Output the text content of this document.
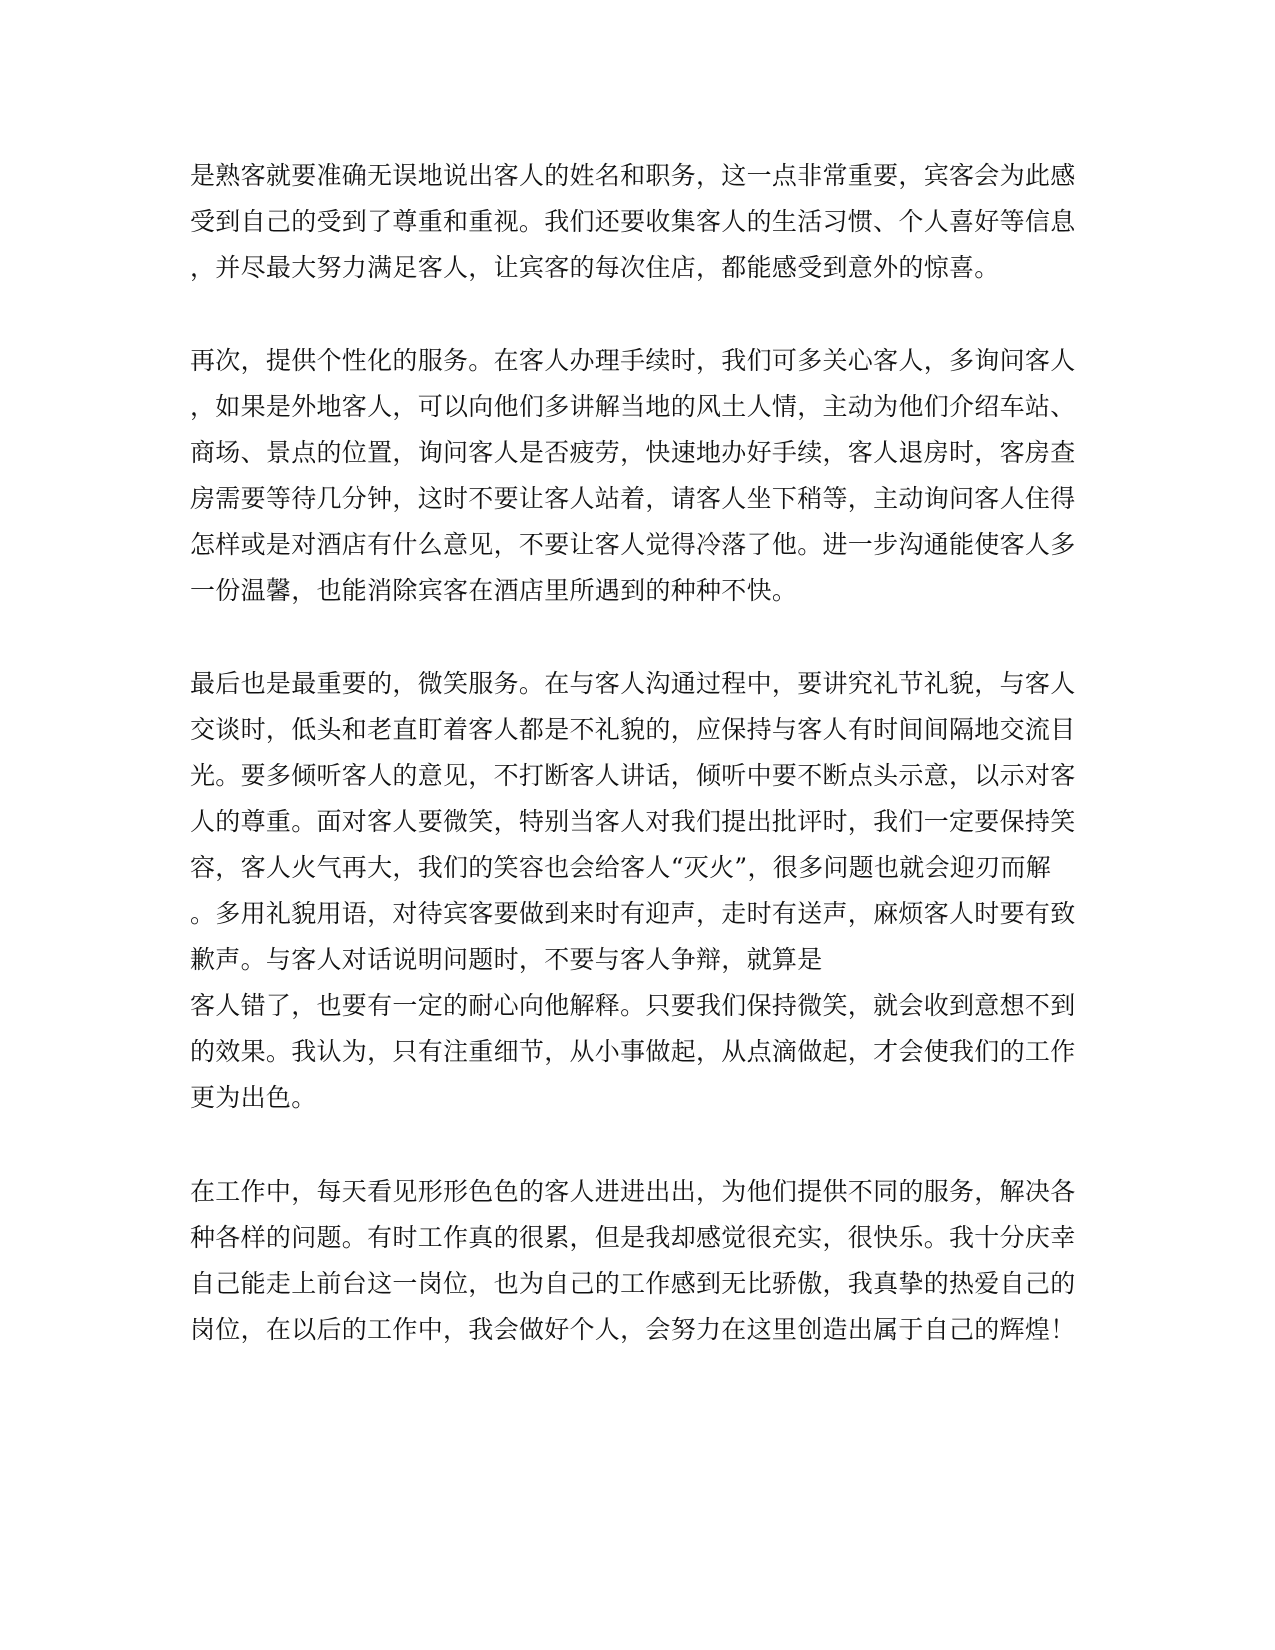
是熟客就要准确无误地说出客人的姓名和职务，这一点非常重要，宾客会为此感
受到自己的受到了尊重和重视。我们还要收集客人的生活习惯、个人喜好等信息
，并尽最大努力满足客人，让宾客的每次住店，都能感受到意外的惊喜。
再次，提供个性化的服务。在客人办理手续时，我们可多关心客人，多询问客人
，如果是外地客人，可以向他们多讲解当地的风土人情，主动为他们介绍车站、
商场、景点的位置，询问客人是否疲劳，快速地办好手续，客人退房时，客房查
房需要等待几分钟，这时不要让客人站着，请客人坐下稍等，主动询问客人住得
怎样或是对酒店有什么意见，不要让客人觉得冷落了他。进一步沟通能使客人多
一份温馨，也能消除宾客在酒店里所遇到的种种不快。
最后也是最重要的，微笑服务。在与客人沟通过程中，要讲究礼节礼貌，与客人
交谈时，低头和老直盯着客人都是不礼貌的，应保持与客人有时间间隔地交流目
光。要多倾听客人的意见，不打断客人讲话，倾听中要不断点头示意，以示对客
人的尊重。面对客人要微笑，特别当客人对我们提出批评时，我们一定要保持笑
容，客人火气再大，我们的笑容也会给客人“灭火”，很多问题也就会迎刃而解
。多用礼貌用语，对待宾客要做到来时有迎声，走时有送声，麻烦客人时要有致
歉声。与客人对话说明问题时，不要与客人争辩，就算是
客人错了，也要有一定的耐心向他解释。只要我们保持微笑，就会收到意想不到
的效果。我认为，只有注重细节，从小事做起，从点滴做起，才会使我们的工作
更为出色。
在工作中，每天看见形形色色的客人进进出出，为他们提供不同的服务，解决各
种各样的问题。有时工作真的很累，但是我却感觉很充实，很快乐。我十分庆幸
自己能走上前台这一岗位，也为自己的工作感到无比骄傲，我真挚的热爱自己的
岗位，在以后的工作中，我会做好个人，会努力在这里创造出属于自己的辉煌！
